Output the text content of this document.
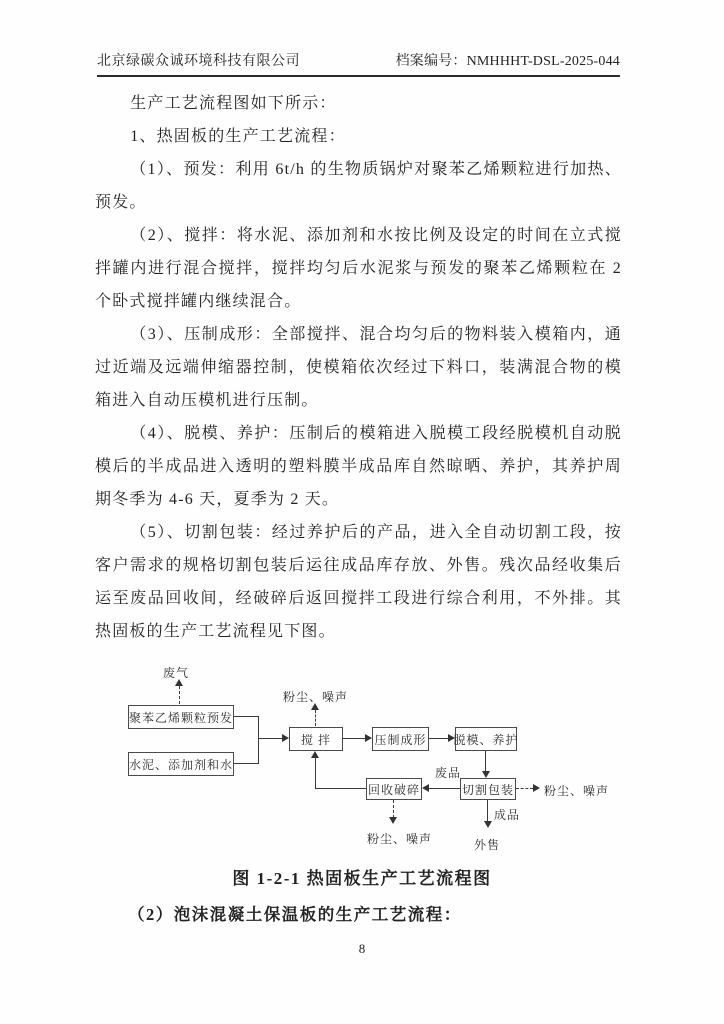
北京绿碳众诚环境科技有限公司	档案编号：NMHHHT-DSL-2025-044

生产工艺流程图如下所示：

1、热固板的生产工艺流程：

（1）、预发：利用 6t/h 的生物质锅炉对聚苯乙烯颗粒进行加热、预发。

（2）、搅拌：将水泥、添加剂和水按比例及设定的时间在立式搅拌罐内进行混合搅拌，搅拌均匀后水泥浆与预发的聚苯乙烯颗粒在 2 个卧式搅拌罐内继续混合。

（3）、压制成形：全部搅拌、混合均匀后的物料装入模箱内，通过近端及远端伸缩器控制，使模箱依次经过下料口，装满混合物的模箱进入自动压模机进行压制。

（4）、脱模、养护：压制后的模箱进入脱模工段经脱模机自动脱模后的半成品进入透明的塑料膜半成品库自然晾晒、养护，其养护周期冬季为 4-6 天，夏季为 2 天。

（5）、切割包装：经过养护后的产品，进入全自动切割工段，按客户需求的规格切割包装后运往成品库存放、外售。残次品经收集后运至废品回收间，经破碎后返回搅拌工段进行综合利用，不外排。其热固板的生产工艺流程见下图。

废气
聚苯乙烯颗粒预发
水泥、添加剂和水
粉尘、噪声
搅 拌	压制成形 脱模、养护
切割包装
回收破碎
废品
粉尘、噪声
粉尘、噪声
成品
外售
图 1-2-1 热固板生产工艺流程图
（2）泡沫混凝土保温板的生产工艺流程：
8
